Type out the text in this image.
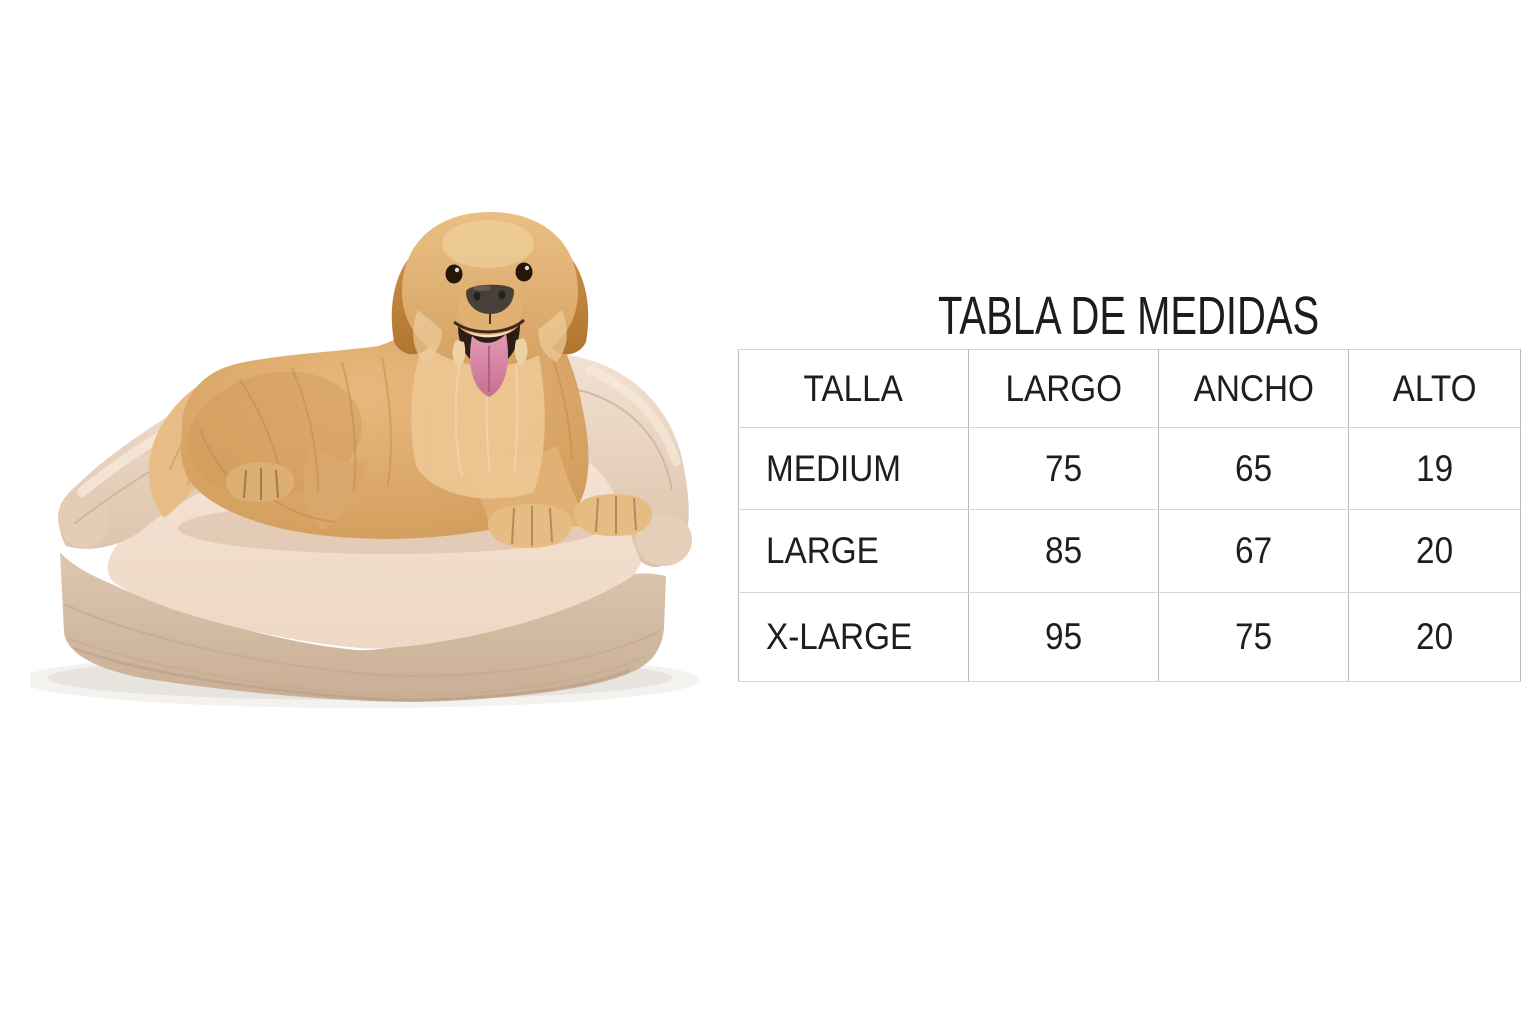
TABLA DE MEDIDAS
TALLA	LARGO	ANCHO	ALTO
MEDIUM	75	65	19
LARGE	85	67	20
X-LARGE	95	75	20
